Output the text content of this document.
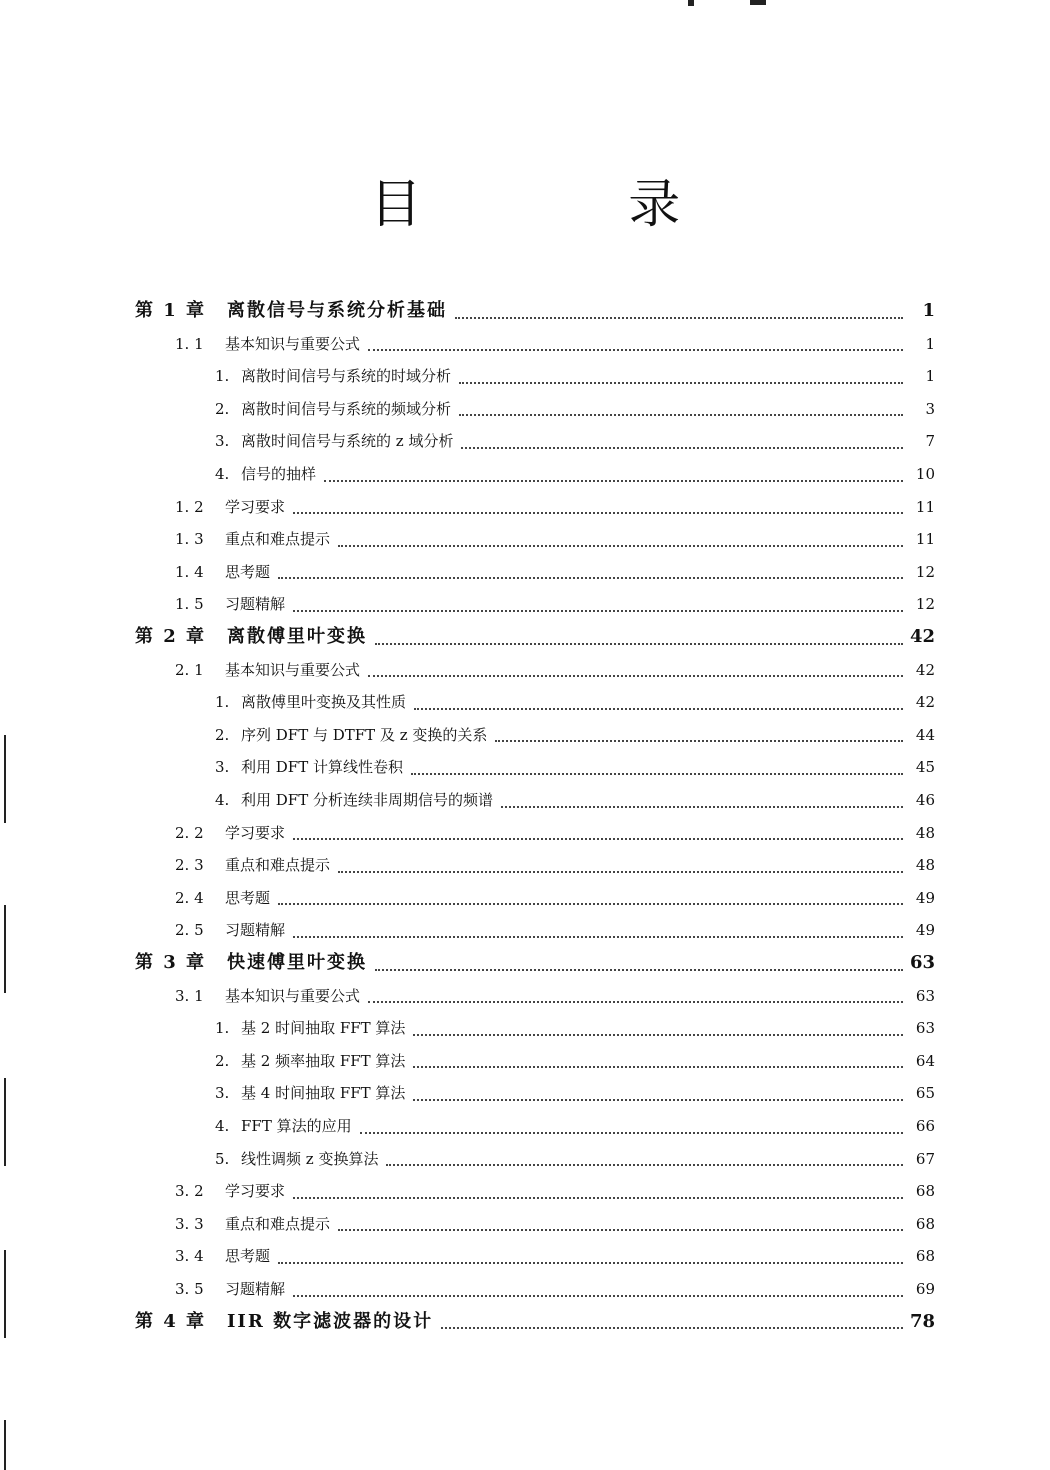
目 录
第 1 章	离散信号与系统分析基础	1
1. 1	基本知识与重要公式	1
1. 离散时间信号与系统的时域分析	1
2. 离散时间信号与系统的频域分析	3
3. 离散时间信号与系统的 z 域分析	7
4. 信号的抽样	10
1. 2	学习要求	11
1. 3	重点和难点提示	11
1. 4	思考题	12
1. 5	习题精解	12
第 2 章	离散傅里叶变换	42
2. 1	基本知识与重要公式	42
1. 离散傅里叶变换及其性质	42
2. 序列 DFT 与 DTFT 及 z 变换的关系	44
3. 利用 DFT 计算线性卷积	45
4. 利用 DFT 分析连续非周期信号的频谱	46
2. 2	学习要求	48
2. 3	重点和难点提示	48
2. 4	思考题	49
2. 5	习题精解	49
第 3 章	快速傅里叶变换	63
3. 1	基本知识与重要公式	63
1. 基 2 时间抽取 FFT 算法	63
2. 基 2 频率抽取 FFT 算法	64
3. 基 4 时间抽取 FFT 算法	65
4. FFT 算法的应用	66
5. 线性调频 z 变换算法	67
3. 2	学习要求	68
3. 3	重点和难点提示	68
3. 4	思考题	68
3. 5	习题精解	69
第 4 章	IIR 数字滤波器的设计	78
